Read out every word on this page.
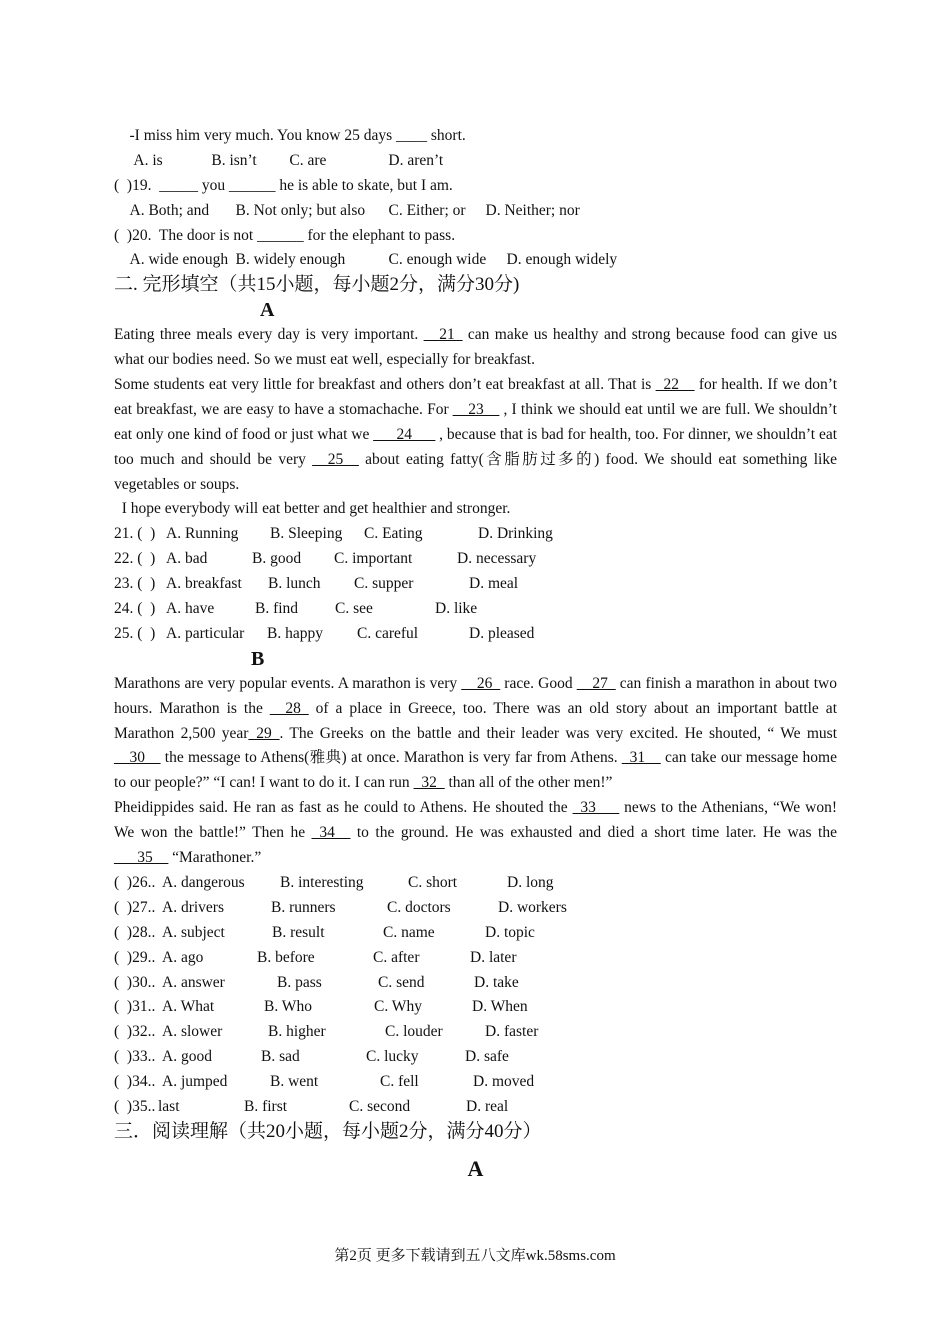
-I miss him very much. You know 25 days ____ short.
A. is	B. isn’t C. are	D. aren’t
(  )19.  _____ you ______ he is able to skate, but I am.
A. Both; and B. Not only; but also C. Either; or D. Neither; nor
(  )20.  The door is not ______ for the elephant to pass.
A. wide enough B. widely enough	C. enough wide D. enough widely
二. 完形填空（共15小题，每小题2分，满分30分)
A
Eating three meals every day is very important. __21_ can make us healthy and strong because food can give us what our bodies need. So we must eat well, especially for breakfast.
Some students eat very little for breakfast and others don’t eat breakfast at all. That is _22__ for health. If we don’t eat breakfast, we are easy to have a stomachache. For __23__ , I think we should eat until we are full. We shouldn’t eat only one kind of food or just what we ___24___ , because that is bad for health, too. For dinner, we shouldn’t eat too much and should be very __25__ about eating fatty(含脂肪过多的) food. We should eat something like vegetables or soups.
I hope everybody will eat better and get healthier and stronger.
21. (  ) A. Running B. Sleeping C. Eating	D. Drinking
22. (  ) A. bad	B. good C. important	D. necessary
23. (  ) A. breakfast B. lunch C. supper	D. meal
24. (  ) A. have	B. find C. see	D. like
25. (  ) A. particular B. happy C. careful	D. pleased
B
Marathons are very popular events. A marathon is very __26_ race. Good __27_ can finish a marathon in about two hours. Marathon is the __28_ of a place in Greece, too. There was an old story about an important battle at Marathon 2,500 year_29_. The Greeks on the battle and their leader was very excited. He shouted, “ We must __30__ the message to Athens(雅典) at once. Marathon is very far from Athens. _31__ can take our message home to our people?” “I can! I want to do it. I can run _32_ than all of the other men!”
Pheidippides said. He ran as fast as he could to Athens. He shouted the _33___ news to the Athenians, “We won! We won the battle!” Then he _34__ to the ground. He was exhausted and died a short time later. He was the ___35__ “Marathoner.”
(  )26.. A. dangerous B. interesting	C. short	D. long
(  )27.. A. drivers	B. runners	C. doctors	D. workers
(  )28.. A. subject	B. result	C. name	D. topic
(  )29.. A. ago	B. before	C. after	D. later
(  )30.. A. answer	B. pass	C. send	D. take
(  )31.. A. What	B. Who	C. Why	D. When
(  )32.. A. slower	B. higher	C. louder	D. faster
(  )33.. A. good	B. sad	C. lucky	D. safe
(  )34.. A. jumped	B. went	C. fell	D. moved
(  )35.. last	B. first	C. second	D. real
三．阅读理解（共20小题，每小题2分，满分40分）
A
第2页 更多下载请到五八文库wk.58sms.com
